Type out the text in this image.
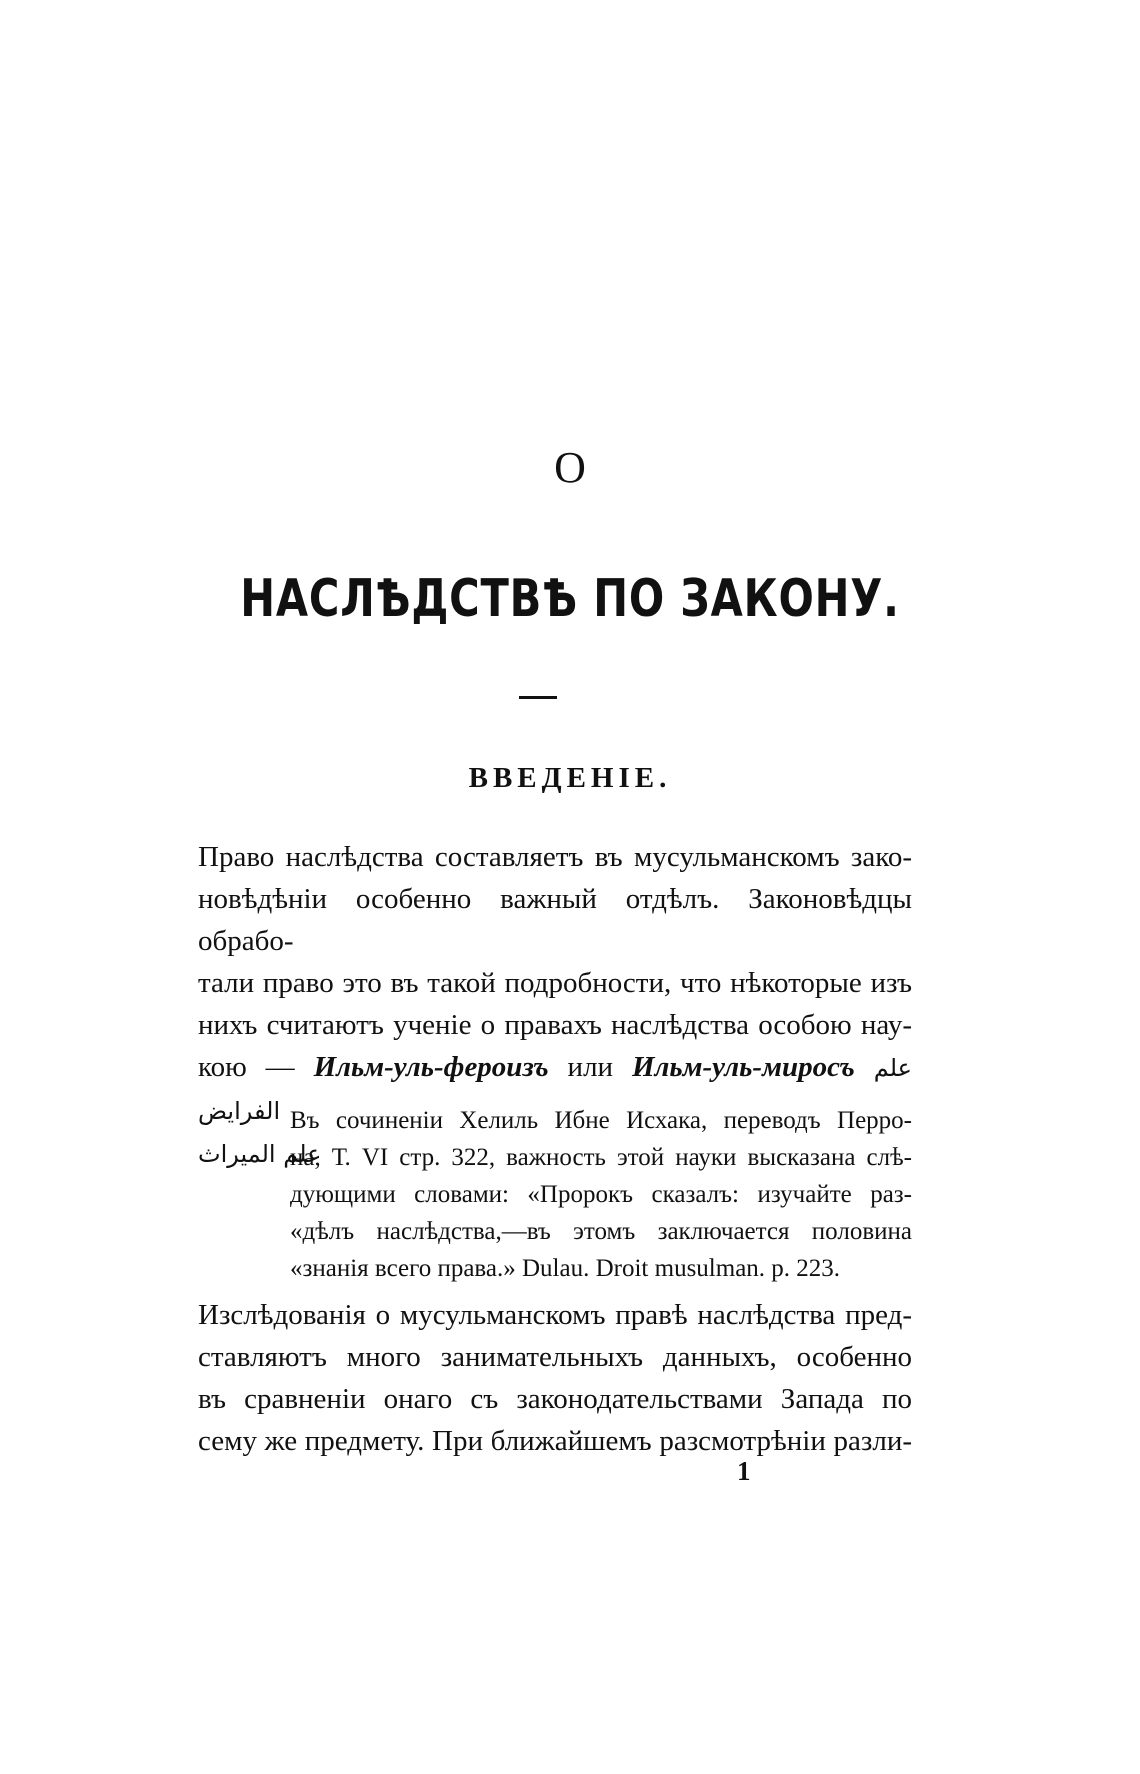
О
НАСЛѢДСТВѢ ПО ЗАКОНУ.
ВВЕДЕНІЕ.

Право наслѣдства составляетъ въ мусульманскомъ зако-
новѣдѣніи особенно важный отдѣлъ. Законовѣдцы обрабо-
тали право это въ такой подробности, что нѣкоторые изъ
нихъ считаютъ ученіе о правахъ наслѣдства особою нау-
кою — Ильм-уль-фероизъ или Ильм-уль-миросъ علم الفرايض
علم الميراث

Въ сочиненіи Хелиль Ибне Исхака, переводъ Перро-
на, Т. VI стр. 322, важность этой науки высказана слѣ-
дующими словами: «Пророкъ сказалъ: изучайте раз-
«дѣлъ наслѣдства,—въ этомъ заключается половина
«знанія всего права.» Dulau. Droit musulman. p. 223.

Изслѣдованія о мусульманскомъ правѣ наслѣдства пред-
ставляютъ много занимательныхъ данныхъ, особенно
въ сравненіи онаго съ законодательствами Запада по
сему же предмету. При ближайшемъ разсмотрѣніи разли-

1
